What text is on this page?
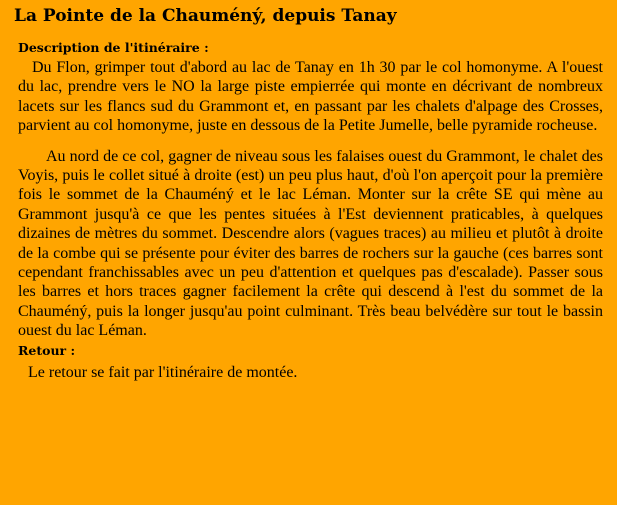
La Pointe de la Chauméný, depuis Tanay
Description de l'itinéraire :

Du Flon, grimper tout d'abord au lac de Tanay en 1h 30 par le col homonyme. A l'ouest du lac, prendre vers le NO la large piste empierrée qui monte en décrivant de nombreux lacets sur les flancs sud du Grammont et, en passant par les chalets d'alpage des Crosses, parvient au col homonyme, juste en dessous de la Petite Jumelle, belle pyramide rocheuse.

Au nord de ce col, gagner de niveau sous les falaises ouest du Grammont, le chalet des Voyis, puis le collet situé à droite (est) un peu plus haut, d'où l'on aperçoit pour la première fois le sommet de la Chauméný et le lac Léman. Monter sur la crête SE qui mène au Grammont jusqu'à ce que les pentes situées à l'Est deviennent praticables, à quelques dizaines de mètres du sommet. Descendre alors (vagues traces) au milieu et plutôt à droite de la combe qui se présente pour éviter des barres de rochers sur la gauche (ces barres sont cependant franchissables avec un peu d'attention et quelques pas d'escalade). Passer sous les barres et hors traces gagner facilement la crête qui descend à l'est du sommet de la Chauméný, puis la longer jusqu'au point culminant. Très beau belvédère sur tout le bassin ouest du lac Léman.

Retour :
Le retour se fait par l'itinéraire de montée.
